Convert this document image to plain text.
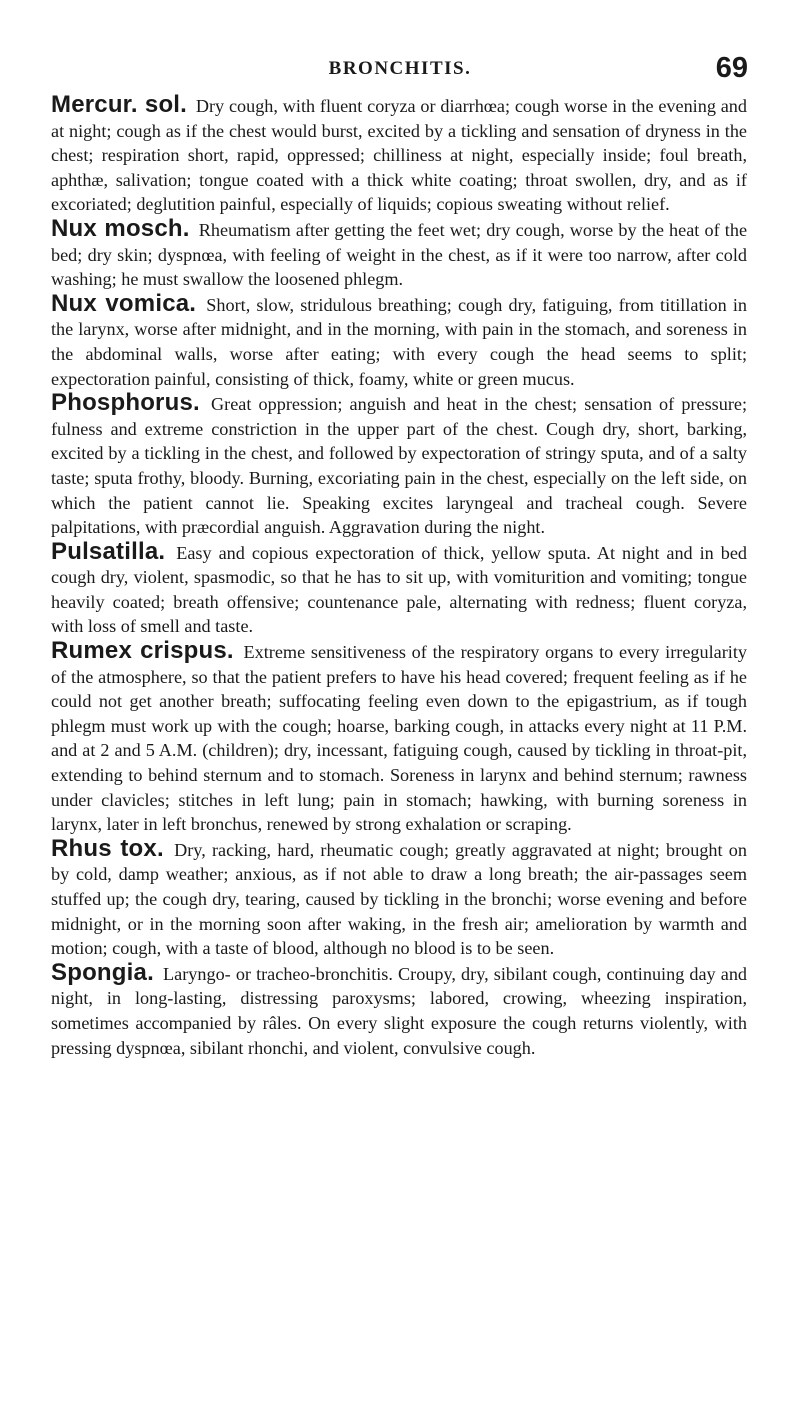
BRONCHITIS.	69

Mercur. sol. Dry cough, with fluent coryza or diarrhœa; cough worse in the evening and at night; cough as if the chest would burst, excited by a tickling and sensation of dryness in the chest; respiration short, rapid, oppressed; chilliness at night, especially inside; foul breath, aphthæ, salivation; tongue coated with a thick white coating; throat swollen, dry, and as if excoriated; deglutition painful, especially of liquids; copious sweating without relief.

Nux mosch. Rheumatism after getting the feet wet; dry cough, worse by the heat of the bed; dry skin; dyspnœa, with feeling of weight in the chest, as if it were too narrow, after cold washing; he must swallow the loosened phlegm.

Nux vomica. Short, slow, stridulous breathing; cough dry, fatiguing, from titillation in the larynx, worse after midnight, and in the morning, with pain in the stomach, and soreness in the abdominal walls, worse after eating; with every cough the head seems to split; expectoration painful, consisting of thick, foamy, white or green mucus.

Phosphorus. Great oppression; anguish and heat in the chest; sensation of pressure; fulness and extreme constriction in the upper part of the chest. Cough dry, short, barking, excited by a tickling in the chest, and followed by expectoration of stringy sputa, and of a salty taste; sputa frothy, bloody. Burning, excoriating pain in the chest, especially on the left side, on which the patient cannot lie. Speaking excites laryngeal and tracheal cough. Severe palpitations, with præcordial anguish. Aggravation during the night.

Pulsatilla. Easy and copious expectoration of thick, yellow sputa. At night and in bed cough dry, violent, spasmodic, so that he has to sit up, with vomiturition and vomiting; tongue heavily coated; breath offensive; countenance pale, alternating with redness; fluent coryza, with loss of smell and taste.

Rumex crispus. Extreme sensitiveness of the respiratory organs to every irregularity of the atmosphere, so that the patient prefers to have his head covered; frequent feeling as if he could not get another breath; suffocating feeling even down to the epigastrium, as if tough phlegm must work up with the cough; hoarse, barking cough, in attacks every night at 11 P.M. and at 2 and 5 A.M. (children); dry, incessant, fatiguing cough, caused by tickling in throat-pit, extending to behind sternum and to stomach. Soreness in larynx and behind sternum; rawness under clavicles; stitches in left lung; pain in stomach; hawking, with burning soreness in larynx, later in left bronchus, renewed by strong exhalation or scraping.

Rhus tox. Dry, racking, hard, rheumatic cough; greatly aggravated at night; brought on by cold, damp weather; anxious, as if not able to draw a long breath; the air-passages seem stuffed up; the cough dry, tearing, caused by tickling in the bronchi; worse evening and before midnight, or in the morning soon after waking, in the fresh air; amelioration by warmth and motion; cough, with a taste of blood, although no blood is to be seen.

Spongia. Laryngo- or tracheo-bronchitis. Croupy, dry, sibilant cough, continuing day and night, in long-lasting, distressing paroxysms; labored, crowing, wheezing inspiration, sometimes accompanied by râles. On every slight exposure the cough returns violently, with pressing dyspnœa, sibilant rhonchi, and violent, convulsive cough.
